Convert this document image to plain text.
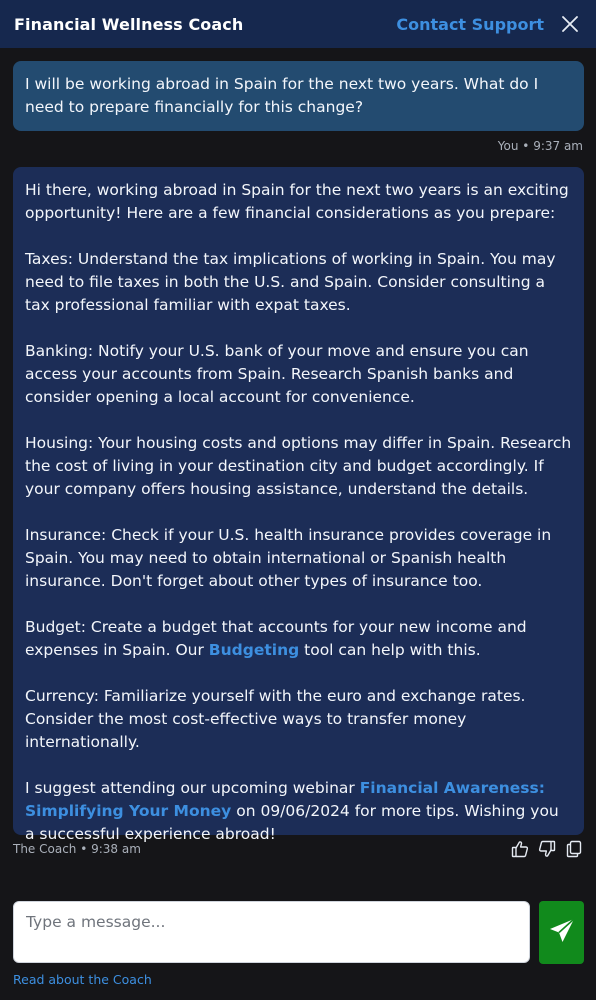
Financial Wellness Coach	Contact Support
I will be working abroad in Spain for the next two years. What do I need to prepare financially for this change?
You • 9:37 am

Hi there, working abroad in Spain for the next two years is an exciting opportunity! Here are a few financial considerations as you prepare:

Taxes: Understand the tax implications of working in Spain. You may need to file taxes in both the U.S. and Spain. Consider consulting a tax professional familiar with expat taxes.

Banking: Notify your U.S. bank of your move and ensure you can access your accounts from Spain. Research Spanish banks and consider opening a local account for convenience.

Housing: Your housing costs and options may differ in Spain. Research the cost of living in your destination city and budget accordingly. If your company offers housing assistance, understand the details.

Insurance: Check if your U.S. health insurance provides coverage in Spain. You may need to obtain international or Spanish health insurance. Don't forget about other types of insurance too.

Budget: Create a budget that accounts for your new income and expenses in Spain. Our Budgeting tool can help with this.

Currency: Familiarize yourself with the euro and exchange rates. Consider the most cost-effective ways to transfer money internationally.

I suggest attending our upcoming webinar Financial Awareness: Simplifying Your Money on 09/06/2024 for more tips. Wishing you a successful experience abroad!

The Coach • 9:38 am
Type a message...
Read about the Coach
